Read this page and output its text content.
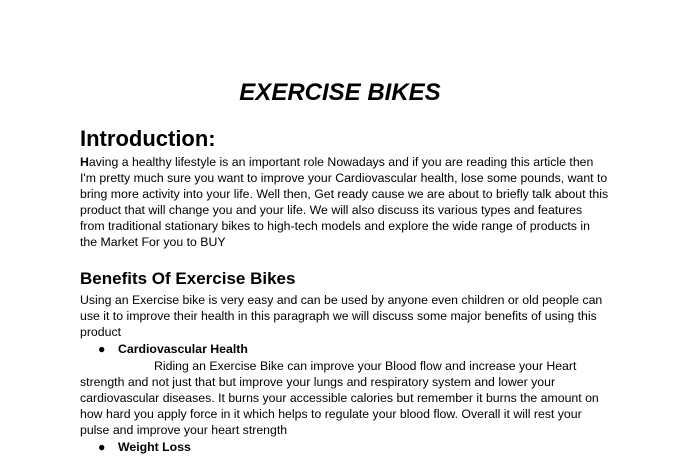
EXERCISE BIKES
Introduction:

Having a healthy lifestyle is an important role Nowadays and if you are reading this article then I'm pretty much sure you want to improve your Cardiovascular health, lose some pounds, want to bring more activity into your life. Well then, Get ready cause we are about to briefly talk about this product that will change you and your life. We will also discuss its various types and features from traditional stationary bikes to high-tech models and explore the wide range of products in the Market For you to BUY

Benefits Of Exercise Bikes

Using an Exercise bike is very easy and can be used by anyone even children or old people can use it to improve their health in this paragraph we will discuss some major benefits of using this product

● Cardiovascular Health

Riding an Exercise Bike can improve your Blood flow and increase your Heart strength and not just that but improve your lungs and respiratory system and lower your cardiovascular diseases. It burns your accessible calories but remember it burns the amount on how hard you apply force in it which helps to regulate your blood flow. Overall it will rest your pulse and improve your heart strength

● Weight Loss
